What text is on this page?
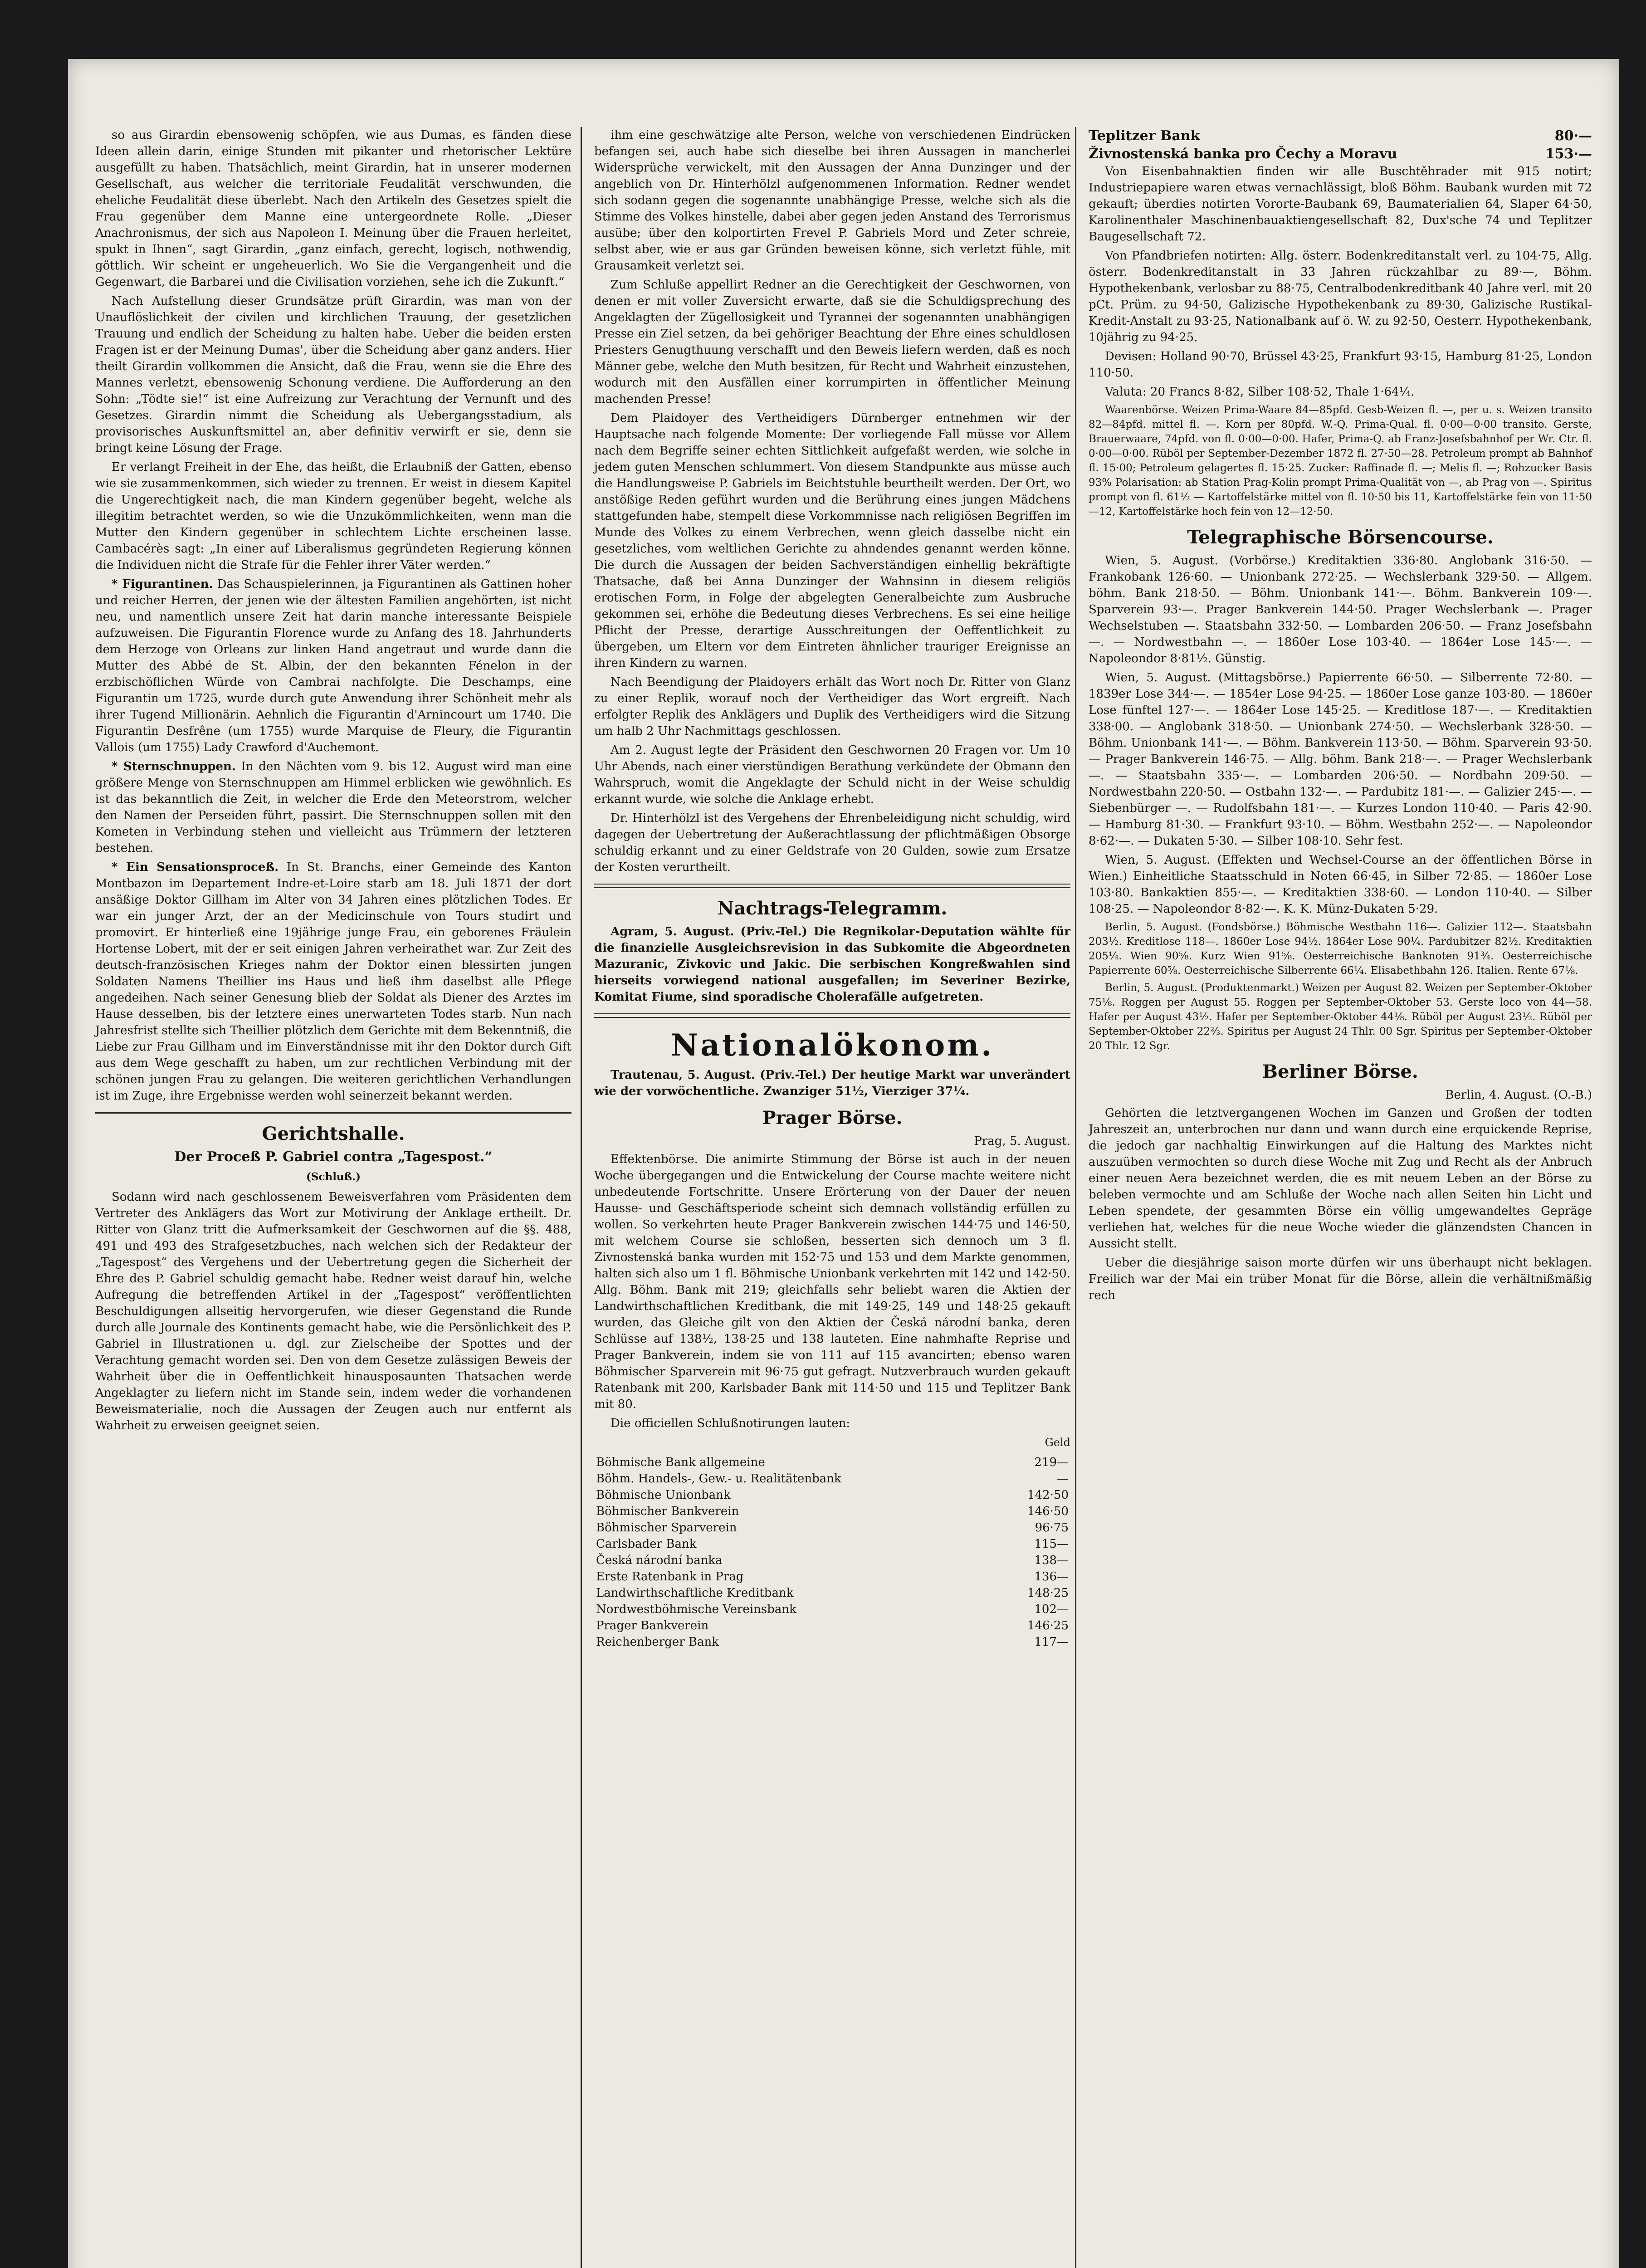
so aus Girardin ebensowenig schöpfen, wie aus Dumas, es fänden diese Ideen allein darin, einige Stunden mit pikanter und rhetorischer Lektüre ausgefüllt zu haben. Thatsächlich, meint Girardin, hat in unserer modernen Gesellschaft, aus welcher die territoriale Feudalität verschwunden, die eheliche Feudalität diese überlebt. Nach den Artikeln des Gesetzes spielt die Frau gegenüber dem Manne eine untergeordnete Rolle. „Dieser Anachronismus, der sich aus Napoleon I. Meinung über die Frauen herleitet, spukt in Ihnen“, sagt Girardin, „ganz einfach, gerecht, logisch, nothwendig, göttlich. Wir scheint er ungeheuerlich. Wo Sie die Vergangenheit und die Gegenwart, die Barbarei und die Civilisation vorziehen, sehe ich die Zukunft.“

Nach Aufstellung dieser Grundsätze prüft Girardin, was man von der Unauflöslichkeit der civilen und kirchlichen Trauung, der gesetzlichen Trauung und endlich der Scheidung zu halten habe. Ueber die beiden ersten Fragen ist er der Meinung Dumas', über die Scheidung aber ganz anders. Hier theilt Girardin vollkommen die Ansicht, daß die Frau, wenn sie die Ehre des Mannes verletzt, ebensowenig Schonung verdiene. Die Aufforderung an den Sohn: „Tödte sie!“ ist eine Aufreizung zur Verachtung der Vernunft und des Gesetzes. Girardin nimmt die Scheidung als Uebergangsstadium, als provisorisches Auskunftsmittel an, aber definitiv verwirft er sie, denn sie bringt keine Lösung der Frage.

Er verlangt Freiheit in der Ehe, das heißt, die Erlaubniß der Gatten, ebenso wie sie zusammenkommen, sich wieder zu trennen. Er weist in diesem Kapitel die Ungerechtigkeit nach, die man Kindern gegenüber begeht, welche als illegitim betrachtet werden, so wie die Unzukömmlichkeiten, wenn man die Mutter den Kindern gegenüber in schlechtem Lichte erscheinen lasse. Cambacérès sagt: „In einer auf Liberalismus gegründeten Regierung können die Individuen nicht die Strafe für die Fehler ihrer Väter werden.“

* Figurantinen. Das Schauspielerinnen, ja Figurantinen als Gattinen hoher und reicher Herren, der jenen wie der ältesten Familien angehörten, ist nicht neu, und namentlich unsere Zeit hat darin manche interessante Beispiele aufzuweisen. Die Figurantin Florence wurde zu Anfang des 18. Jahrhunderts dem Herzoge von Orleans zur linken Hand angetraut und wurde dann die Mutter des Abbé de St. Albin, der den bekannten Fénelon in der erzbischöflichen Würde von Cambrai nachfolgte. Die Deschamps, eine Figurantin um 1725, wurde durch gute Anwendung ihrer Schönheit mehr als ihrer Tugend Millionärin. Aehnlich die Figurantin d'Arnincourt um 1740. Die Figurantin Desfrêne (um 1755) wurde Marquise de Fleury, die Figurantin Vallois (um 1755) Lady Crawford d'Auchemont.

* Sternschnuppen. In den Nächten vom 9. bis 12. August wird man eine größere Menge von Sternschnuppen am Himmel erblicken wie gewöhnlich. Es ist das bekanntlich die Zeit, in welcher die Erde den Meteorstrom, welcher den Namen der Perseiden führt, passirt. Die Sternschnuppen sollen mit den Kometen in Verbindung stehen und vielleicht aus Trümmern der letzteren bestehen.

* Ein Sensationsproceß. In St. Branchs, einer Gemeinde des Kanton Montbazon im Departement Indre-et-Loire starb am 18. Juli 1871 der dort ansäßige Doktor Gillham im Alter von 34 Jahren eines plötzlichen Todes. Er war ein junger Arzt, der an der Medicinschule von Tours studirt und promovirt. Er hinterließ eine 19jährige junge Frau, ein geborenes Fräulein Hortense Lobert, mit der er seit einigen Jahren verheirathet war. Zur Zeit des deutsch-französischen Krieges nahm der Doktor einen blessirten jungen Soldaten Namens Theillier ins Haus und ließ ihm daselbst alle Pflege angedeihen. Nach seiner Genesung blieb der Soldat als Diener des Arztes im Hause desselben, bis der letztere eines unerwarteten Todes starb. Nun nach Jahresfrist stellte sich Theillier plötzlich dem Gerichte mit dem Bekenntniß, die Liebe zur Frau Gillham und im Einverständnisse mit ihr den Doktor durch Gift aus dem Wege geschafft zu haben, um zur rechtlichen Verbindung mit der schönen jungen Frau zu gelangen. Die weiteren gerichtlichen Verhandlungen ist im Zuge, ihre Ergebnisse werden wohl seinerzeit bekannt werden.

Gerichtshalle.
Der Proceß P. Gabriel contra „Tagespost.“
(Schluß.)

Sodann wird nach geschlossenem Beweisverfahren vom Präsidenten dem Vertreter des Anklägers das Wort zur Motivirung der Anklage ertheilt. Dr. Ritter von Glanz tritt die Aufmerksamkeit der Geschwornen auf die §§. 488, 491 und 493 des Strafgesetzbuches, nach welchen sich der Redakteur der „Tagespost“ des Vergehens und der Uebertretung gegen die Sicherheit der Ehre des P. Gabriel schuldig gemacht habe. Redner weist darauf hin, welche Aufregung die betreffenden Artikel in der „Tagespost“ veröffentlichten Beschuldigungen allseitig hervorgerufen, wie dieser Gegenstand die Runde durch alle Journale des Kontinents gemacht habe, wie die Persönlichkeit des P. Gabriel in Illustrationen u. dgl. zur Zielscheibe der Spottes und der Verachtung gemacht worden sei. Den von dem Gesetze zulässigen Beweis der Wahrheit über die in Oeffentlichkeit hinausposaunten Thatsachen werde Angeklagter zu liefern nicht im Stande sein, indem weder die vorhandenen Beweismaterialie, noch die Aussagen der Zeugen auch nur entfernt als Wahrheit zu erweisen geeignet seien.

ihm eine geschwätzige alte Person, welche von verschiedenen Eindrücken befangen sei, auch habe sich dieselbe bei ihren Aussagen in mancherlei Widersprüche verwickelt, mit den Aussagen der Anna Dunzinger und der angeblich von Dr. Hinterhölzl aufgenommenen Information. Redner wendet sich sodann gegen die sogenannte unabhängige Presse, welche sich als die Stimme des Volkes hinstelle, dabei aber gegen jeden Anstand des Terrorismus ausübe; über den kolportirten Frevel P. Gabriels Mord und Zeter schreie, selbst aber, wie er aus gar Gründen beweisen könne, sich verletzt fühle, mit Grausamkeit verletzt sei.

Zum Schluße appellirt Redner an die Gerechtigkeit der Geschwornen, von denen er mit voller Zuversicht erwarte, daß sie die Schuldigsprechung des Angeklagten der Zügellosigkeit und Tyrannei der sogenannten unabhängigen Presse ein Ziel setzen, da bei gehöriger Beachtung der Ehre eines schuldlosen Priesters Genugthuung verschafft und den Beweis liefern werden, daß es noch Männer gebe, welche den Muth besitzen, für Recht und Wahrheit einzustehen, wodurch mit den Ausfällen einer korrumpirten in öffentlicher Meinung machenden Presse!

Dem Plaidoyer des Vertheidigers Dürnberger entnehmen wir der Hauptsache nach folgende Momente: Der vorliegende Fall müsse vor Allem nach dem Begriffe seiner echten Sittlichkeit aufgefaßt werden, wie solche in jedem guten Menschen schlummert. Von diesem Standpunkte aus müsse auch die Handlungsweise P. Gabriels im Beichtstuhle beurtheilt werden. Der Ort, wo anstößige Reden geführt wurden und die Berührung eines jungen Mädchens stattgefunden habe, stempelt diese Vorkommnisse nach religiösen Begriffen im Munde des Volkes zu einem Verbrechen, wenn gleich dasselbe nicht ein gesetzliches, vom weltlichen Gerichte zu ahndendes genannt werden könne. Die durch die Aussagen der beiden Sachverständigen einhellig bekräftigte Thatsache, daß bei Anna Dunzinger der Wahnsinn in diesem religiös erotischen Form, in Folge der abgelegten Generalbeichte zum Ausbruche gekommen sei, erhöhe die Bedeutung dieses Verbrechens. Es sei eine heilige Pflicht der Presse, derartige Ausschreitungen der Oeffentlichkeit zu übergeben, um Eltern vor dem Eintreten ähnlicher trauriger Ereignisse an ihren Kindern zu warnen.

Nach Beendigung der Plaidoyers erhält das Wort noch Dr. Ritter von Glanz zu einer Replik, worauf noch der Vertheidiger das Wort ergreift. Nach erfolgter Replik des Anklägers und Duplik des Vertheidigers wird die Sitzung um halb 2 Uhr Nachmittags geschlossen.

Am 2. August legte der Präsident den Geschwornen 20 Fragen vor. Um 10 Uhr Abends, nach einer vierstündigen Berathung verkündete der Obmann den Wahrspruch, womit die Angeklagte der Schuld nicht in der Weise schuldig erkannt wurde, wie solche die Anklage erhebt.

Dr. Hinterhölzl ist des Vergehens der Ehrenbeleidigung nicht schuldig, wird dagegen der Uebertretung der Außerachtlassung der pflichtmäßigen Obsorge schuldig erkannt und zu einer Geldstrafe von 20 Gulden, sowie zum Ersatze der Kosten verurtheilt.

Nachtrags-Telegramm.

Agram, 5. August. (Priv.-Tel.) Die Regnikolar-Deputation wählte für die finanzielle Ausgleichsrevision in das Subkomite die Abgeordneten Mazuranic, Zivkovic und Jakic. Die serbischen Kongreßwahlen sind hierseits vorwiegend national ausgefallen; im Severiner Bezirke, Komitat Fiume, sind sporadische Cholerafälle aufgetreten.

Nationalökonom.

Trautenau, 5. August. (Priv.-Tel.) Der heutige Markt war unverändert wie der vorwöchentliche. Zwanziger 51½, Vierziger 37¼.

Prager Börse.
Prag, 5. August.

Effektenbörse. Die animirte Stimmung der Börse ist auch in der neuen Woche übergegangen und die Entwickelung der Course machte weitere nicht unbedeutende Fortschritte. Unsere Erörterung von der Dauer der neuen Hausse- und Geschäftsperiode scheint sich demnach vollständig erfüllen zu wollen. So verkehrten heute Prager Bankverein zwischen 144·75 und 146·50, mit welchem Course sie schloßen, besserten sich dennoch um 3 fl. Zivnostenská banka wurden mit 152·75 und 153 und dem Markte genommen, halten sich also um 1 fl. Böhmische Unionbank verkehrten mit 142 und 142·50. Allg. Böhm. Bank mit 219; gleichfalls sehr beliebt waren die Aktien der Landwirthschaftlichen Kreditbank, die mit 149·25, 149 und 148·25 gekauft wurden, das Gleiche gilt von den Aktien der Česká národní banka, deren Schlüsse auf 138½, 138·25 und 138 lauteten. Eine nahmhafte Reprise und Prager Bankverein, indem sie von 111 auf 115 avancirten; ebenso waren Böhmischer Sparverein mit 96·75 gut gefragt. Nutzverbrauch wurden gekauft Ratenbank mit 200, Karlsbader Bank mit 114·50 und 115 und Teplitzer Bank mit 80.

Die officiellen Schlußnotirungen lauten:

Geld
Böhmische Bank allgemeine	219—
Böhm. Handels-, Gew.- u. Realitätenbank	—
Böhmische Unionbank	142·50
Böhmischer Bankverein	146·50
Böhmischer Sparverein	96·75
Carlsbader Bank	115—
Česká národní banka	138—
Erste Ratenbank in Prag	136—
Landwirthschaftliche Kreditbank	148·25
Nordwestböhmische Vereinsbank	102—
Prager Bankverein	146·25
Reichenberger Bank	117—
Teplitzer Bank	80·—
Živnostenská banka pro Čechy a Moravu	153·—

Von Eisenbahnaktien finden wir alle Buschtěhrader mit 915 notirt; Industriepapiere waren etwas vernachlässigt, bloß Böhm. Baubank wurden mit 72 gekauft; überdies notirten Vororte-Baubank 69, Baumaterialien 64, Slaper 64·50, Karolinenthaler Maschinenbauaktiengesellschaft 82, Dux'sche 74 und Teplitzer Baugesellschaft 72.

Von Pfandbriefen notirten: Allg. österr. Bodenkreditanstalt verl. zu 104·75, Allg. österr. Bodenkreditanstalt in 33 Jahren rückzahlbar zu 89·—, Böhm. Hypothekenbank, verlosbar zu 88·75, Centralbodenkreditbank 40 Jahre verl. mit 20 pCt. Prüm. zu 94·50, Galizische Hypothekenbank zu 89·30, Galizische Rustikal-Kredit-Anstalt zu 93·25, Nationalbank auf ö. W. zu 92·50, Oesterr. Hypothekenbank, 10jährig zu 94·25.

Devisen: Holland 90·70, Brüssel 43·25, Frankfurt 93·15, Hamburg 81·25, London 110·50.

Valuta: 20 Francs 8·82, Silber 108·52, Thale 1·64¼.

Waarenbörse. Weizen Prima-Waare 84—85pfd. Gesb-Weizen fl. —, per u. s. Weizen transito 82—84pfd. mittel fl. —. Korn per 80pfd. W.-Q. Prima-Qual. fl. 0·00—0·00 transito. Gerste, Brauerwaare, 74pfd. von fl. 0·00—0·00. Hafer, Prima-Q. ab Franz-Josefsbahnhof per Wr. Ctr. fl. 0·00—0·00. Rüböl per September-Dezember 1872 fl. 27·50—28. Petroleum prompt ab Bahnhof fl. 15·00; Petroleum gelagertes fl. 15·25. Zucker: Raffinade fl. —; Melis fl. —; Rohzucker Basis 93% Polarisation: ab Station Prag-Kolin prompt Prima-Qualität von —, ab Prag von —. Spiritus prompt von fl. 61½ — Kartoffelstärke mittel von fl. 10·50 bis 11, Kartoffelstärke fein von 11·50—12, Kartoffelstärke hoch fein von 12—12·50.

Telegraphische Börsencourse.

Wien, 5. August. (Vorbörse.) Kreditaktien 336·80. Anglobank 316·50. — Frankobank 126·60. — Unionbank 272·25. — Wechslerbank 329·50. — Allgem. böhm. Bank 218·50. — Böhm. Unionbank 141·—. Böhm. Bankverein 109·—. Sparverein 93·—. Prager Bankverein 144·50. Prager Wechslerbank —. Prager Wechselstuben —. Staatsbahn 332·50. — Lombarden 206·50. — Franz Josefsbahn —. — Nordwestbahn —. — 1860er Lose 103·40. — 1864er Lose 145·—. — Napoleondor 8·81½. Günstig.

Wien, 5. August. (Mittagsbörse.) Papierrente 66·50. — Silberrente 72·80. — 1839er Lose 344·—. — 1854er Lose 94·25. — 1860er Lose ganze 103·80. — 1860er Lose fünftel 127·—. — 1864er Lose 145·25. — Kreditlose 187·—. — Kreditaktien 338·00. — Anglobank 318·50. — Unionbank 274·50. — Wechslerbank 328·50. — Böhm. Unionbank 141·—. — Böhm. Bankverein 113·50. — Böhm. Sparverein 93·50. — Prager Bankverein 146·75. — Allg. böhm. Bank 218·—. — Prager Wechslerbank —. — Staatsbahn 335·—. — Lombarden 206·50. — Nordbahn 209·50. — Nordwestbahn 220·50. — Ostbahn 132·—. — Pardubitz 181·—. — Galizier 245·—. — Siebenbürger —. — Rudolfsbahn 181·—. — Kurzes London 110·40. — Paris 42·90. — Hamburg 81·30. — Frankfurt 93·10. — Böhm. Westbahn 252·—. — Napoleondor 8·62·—. — Dukaten 5·30. — Silber 108·10. Sehr fest.

Wien, 5. August. (Effekten und Wechsel-Course an der öffentlichen Börse in Wien.) Einheitliche Staatsschuld in Noten 66·45, in Silber 72·85. — 1860er Lose 103·80. Bankaktien 855·—. — Kreditaktien 338·60. — London 110·40. — Silber 108·25. — Napoleondor 8·82·—. K. K. Münz-Dukaten 5·29.

Berlin, 5. August. (Fondsbörse.) Böhmische Westbahn 116—. Galizier 112—. Staatsbahn 203½. Kreditlose 118—. 1860er Lose 94½. 1864er Lose 90¼. Pardubitzer 82½. Kreditaktien 205¼. Wien 90⅝. Kurz Wien 91⅝. Oesterreichische Banknoten 91¾. Oesterreichische Papierrente 60⅝. Oesterreichische Silberrente 66¼. Elisabethbahn 126. Italien. Rente 67⅛.

Berlin, 5. August. (Produktenmarkt.) Weizen per August 82. Weizen per September-Oktober 75⅛. Roggen per August 55. Roggen per September-Oktober 53. Gerste loco von 44—58. Hafer per August 43½. Hafer per September-Oktober 44⅛. Rüböl per August 23½. Rüböl per September-Oktober 22⅔. Spiritus per August 24 Thlr. 00 Sgr. Spiritus per September-Oktober 20 Thlr. 12 Sgr.

Berliner Börse.
Berlin, 4. August. (O.-B.)

Gehörten die letztvergangenen Wochen im Ganzen und Großen der todten Jahreszeit an, unterbrochen nur dann und wann durch eine erquickende Reprise, die jedoch gar nachhaltig Einwirkungen auf die Haltung des Marktes nicht auszuüben vermochten so durch diese Woche mit Zug und Recht als der Anbruch einer neuen Aera bezeichnet werden, die es mit neuem Leben an der Börse zu beleben vermochte und am Schluße der Woche nach allen Seiten hin Licht und Leben spendete, der gesammten Börse ein völlig umgewandeltes Gepräge verliehen hat, welches für die neue Woche wieder die glänzendsten Chancen in Aussicht stellt.

Ueber die diesjährige saison morte dürfen wir uns überhaupt nicht beklagen. Freilich war der Mai ein trüber Monat für die Börse, allein die verhältnißmäßig rech
